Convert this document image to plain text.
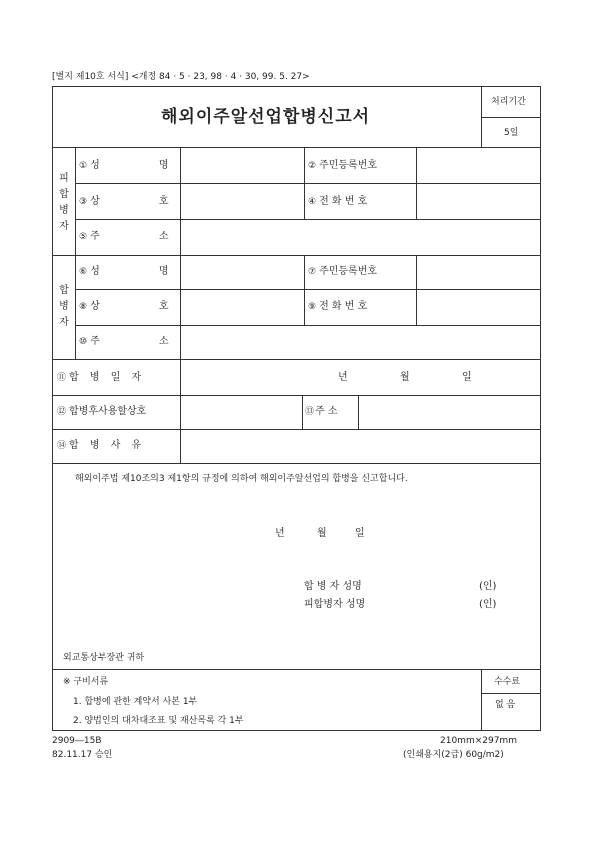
[별지 제10호 서식] <개정 84 · 5 · 23, 98 · 4 · 30, 99. 5. 27>
해외이주알선업합병신고서
처리기간
5일
피
합
병
자
① 성 명	② 주민등록번호
③ 상 호	④ 전 화 번 호
⑤ 주 소
합
병
자
⑥ 성 명	⑦ 주민등록번호
⑧ 상 호	⑨ 전 화 번 호
⑩ 주 소
⑪ 합 병 일 자	년	월	일
⑫ 합병후사용할상호	⑬주 소
⑭ 합 병 사 유
해외이주법 제10조의3 제1항의 규정에 의하여 해외이주알선업의 합병을 신고합니다.
년	월	일
합 병 자 성명	(인)
피합병자 성명	(인)
외교통상부장관 귀하
※ 구비서류
1. 합병에 관한 계약서 사본 1부
2. 양법인의 대차대조표 및 재산목록 각 1부
수수료
없 음
2909―15B
82.11.17 승인
210mm×297mm
(인쇄용지(2급) 60g/m2)
